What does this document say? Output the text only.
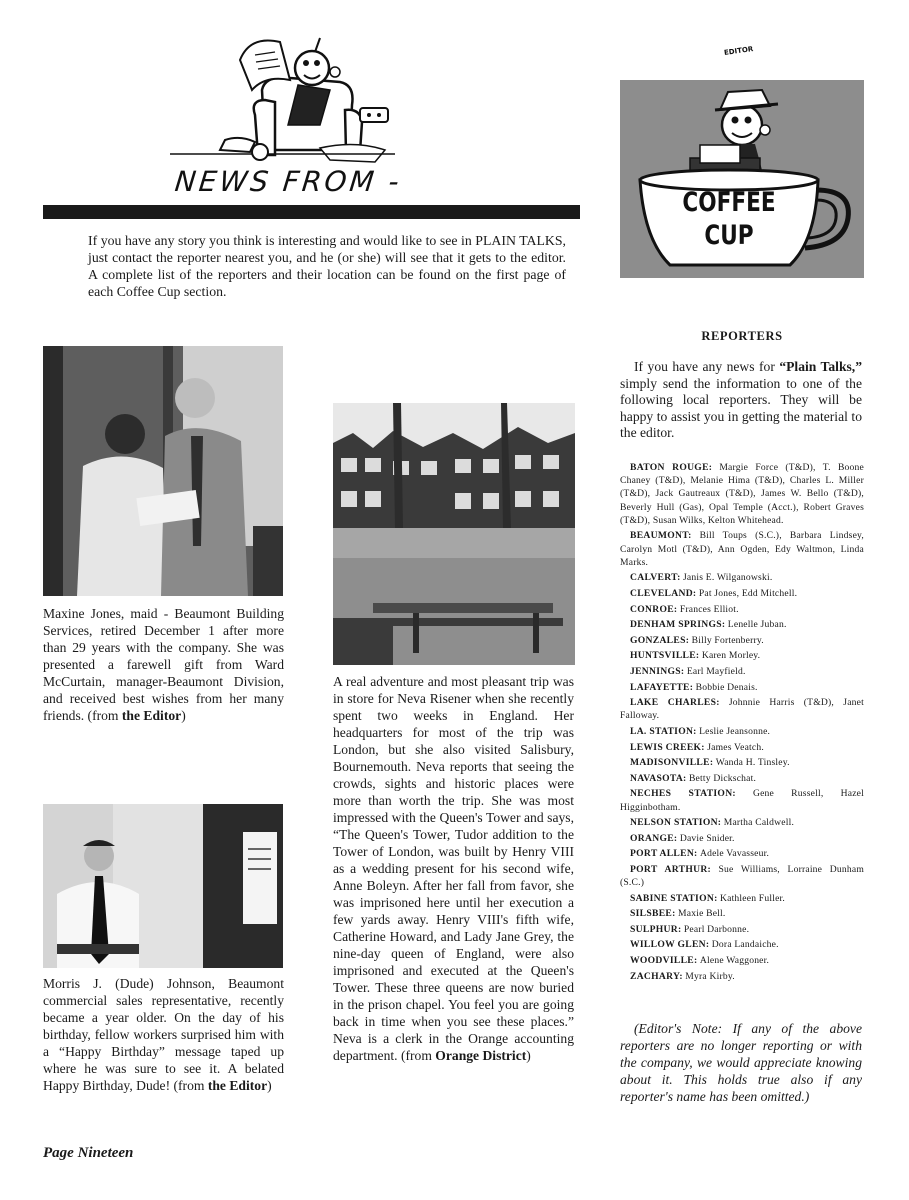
NEWS FROM -
If you have any story you think is interesting and would like to see in PLAIN TALKS, just contact the reporter nearest you, and he (or she) will see that it gets to the editor. A complete list of the reporters and their location can be found on the first page of each Coffee Cup section.
EDITOR
COFFEE
CUP
Maxine Jones, maid - Beaumont Building Services, retired December 1 after more than 29 years with the company. She was presented a farewell gift from Ward McCurtain, manager-Beaumont Division, and received best wishes from her many friends. (from the Editor)
Morris J. (Dude) Johnson, Beaumont commercial sales representative, recently became a year older. On the day of his birthday, fellow workers surprised him with a “Happy Birthday” message taped up where he was sure to see it. A belated Happy Birthday, Dude! (from the Editor)
A real adventure and most pleasant trip was in store for Neva Risener when she recently spent two weeks in England. Her headquarters for most of the trip was London, but she also visited Salisbury, Bournemouth. Neva reports that seeing the crowds, sights and historic places were more than worth the trip. She was most impressed with the Queen's Tower and says, “The Queen's Tower, Tudor addition to the Tower of London, was built by Henry VIII as a wedding present for his second wife, Anne Boleyn. After her fall from favor, she was imprisoned here until her execution a few yards away. Henry VIII's fifth wife, Catherine Howard, and Lady Jane Grey, the nine-day queen of England, were also imprisoned and executed at the Queen's Tower. These three queens are now buried in the prison chapel. You feel you are going back in time when you see these places.” Neva is a clerk in the Orange accounting department. (from Orange District)
REPORTERS
If you have any news for “Plain Talks,” simply send the information to one of the following local reporters. They will be happy to assist you in getting the material to the editor.
BATON ROUGE: Margie Force (T&D), T. Boone Chaney (T&D), Melanie Hima (T&D), Charles L. Miller (T&D), Jack Gautreaux (T&D), James W. Bello (T&D), Beverly Hull (Gas), Opal Temple (Acct.), Robert Graves (T&D), Susan Wilks, Kelton Whitehead.
BEAUMONT: Bill Toups (S.C.), Barbara Lindsey, Carolyn Motl (T&D), Ann Ogden, Edy Waltmon, Linda Marks.
CALVERT: Janis E. Wilganowski.
CLEVELAND: Pat Jones, Edd Mitchell.
CONROE: Frances Elliot.
DENHAM SPRINGS: Lenelle Juban.
GONZALES: Billy Fortenberry.
HUNTSVILLE: Karen Morley.
JENNINGS: Earl Mayfield.
LAFAYETTE: Bobbie Denais.
LAKE CHARLES: Johnnie Harris (T&D), Janet Falloway.
LA. STATION: Leslie Jeansonne.
LEWIS CREEK: James Veatch.
MADISONVILLE: Wanda H. Tinsley.
NAVASOTA: Betty Dickschat.
NECHES STATION: Gene Russell, Hazel Higginbotham.
NELSON STATION: Martha Caldwell.
ORANGE: Davie Snider.
PORT ALLEN: Adele Vavasseur.
PORT ARTHUR: Sue Williams, Lorraine Dunham (S.C.)
SABINE STATION: Kathleen Fuller.
SILSBEE: Maxie Bell.
SULPHUR: Pearl Darbonne.
WILLOW GLEN: Dora Landaiche.
WOODVILLE: Alene Waggoner.
ZACHARY: Myra Kirby.
(Editor's Note: If any of the above reporters are no longer reporting or with the company, we would appreciate knowing about it. This holds true also if any reporter's name has been omitted.)
Page Nineteen
